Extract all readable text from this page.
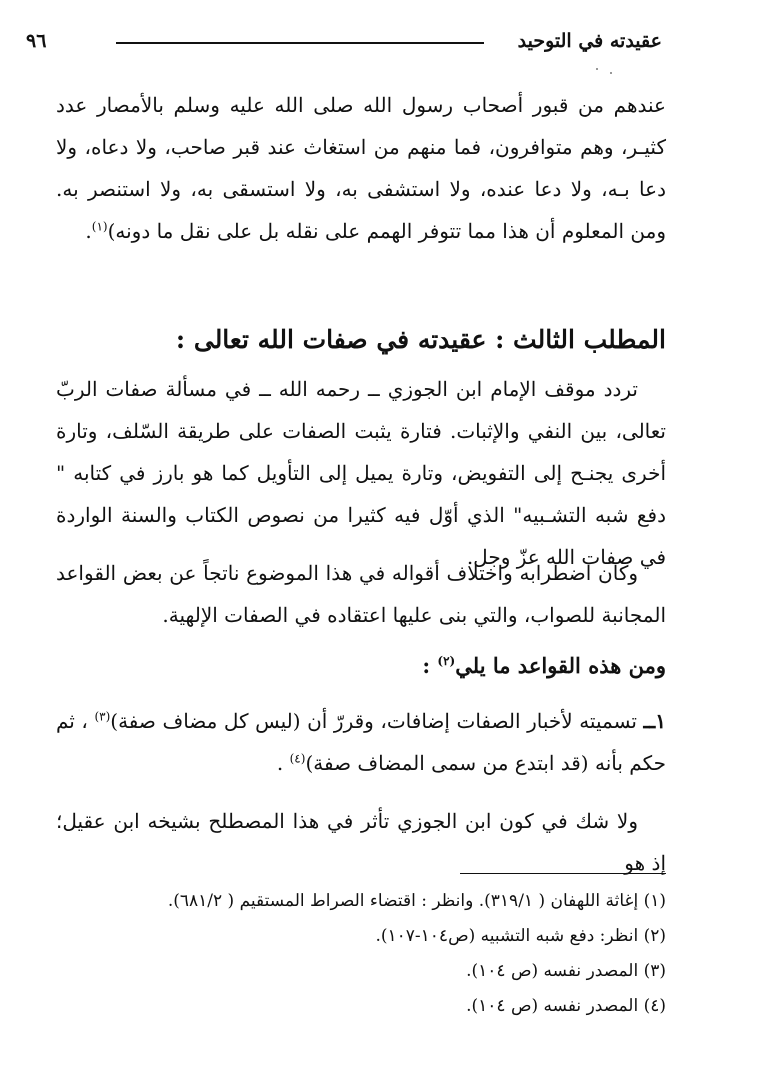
عقيدته في التوحيد
٩٦
عندهم من قبور أصحاب رسول الله صلى الله عليه وسلم بالأمصار عدد كثيـر، وهم متوافرون، فما منهم من استغاث عند قبر صاحب، ولا دعاه، ولا دعا بـه، ولا دعا عنده، ولا استشفى به، ولا استسقى به، ولا استنصر به. ومن المعلوم أن هذا مما تتوفر الهمم على نقله بل على نقل ما دونه)$^{(١)}$.
المطلب الثالث : عقيدته في صفات الله تعالى :
تردد موقف الإمام ابن الجوزي ــ رحمه الله ــ في مسألة صفات الربّ تعالى، بين النفي والإثبات. فتارة يثبت الصفات على طريقة السّلف، وتارة أخرى يجنـح إلى التفويض، وتارة يميل إلى التأويل كما هو بارز في كتابه " دفع شبه التشـبيه" الذي أوّل فيه كثيرا من نصوص الكتاب والسنة الواردة في صفات الله عزّ وجل.
وكان اضطرابه واختلاف أقواله في هذا الموضوع ناتجاً عن بعض القواعد المجانبة للصواب، والتي بنى عليها اعتقاده في الصفات الإلهية.
ومن هذه القواعد ما يلي$^{(٢)}$ :
١ــ تسميته لأخبار الصفات إضافات، وقررّ أن (ليس كل مضاف صفة)$^{(٣)}$ ، ثم حكم بأنه (قد ابتدع من سمى المضاف صفة)$^{(٤)}$ .
ولا شك في كون ابن الجوزي تأثر في هذا المصطلح بشيخه ابن عقيل؛ إذ هو
(١) إغاثة اللهفان ( ٣١٩/١). وانظر : اقتضاء الصراط المستقيم ( ٦٨١/٢).
(٢) انظر: دفع شبه التشبيه (ص١٠٤-١٠٧).
(٣) المصدر نفسه (ص ١٠٤).
(٤) المصدر نفسه (ص ١٠٤).
